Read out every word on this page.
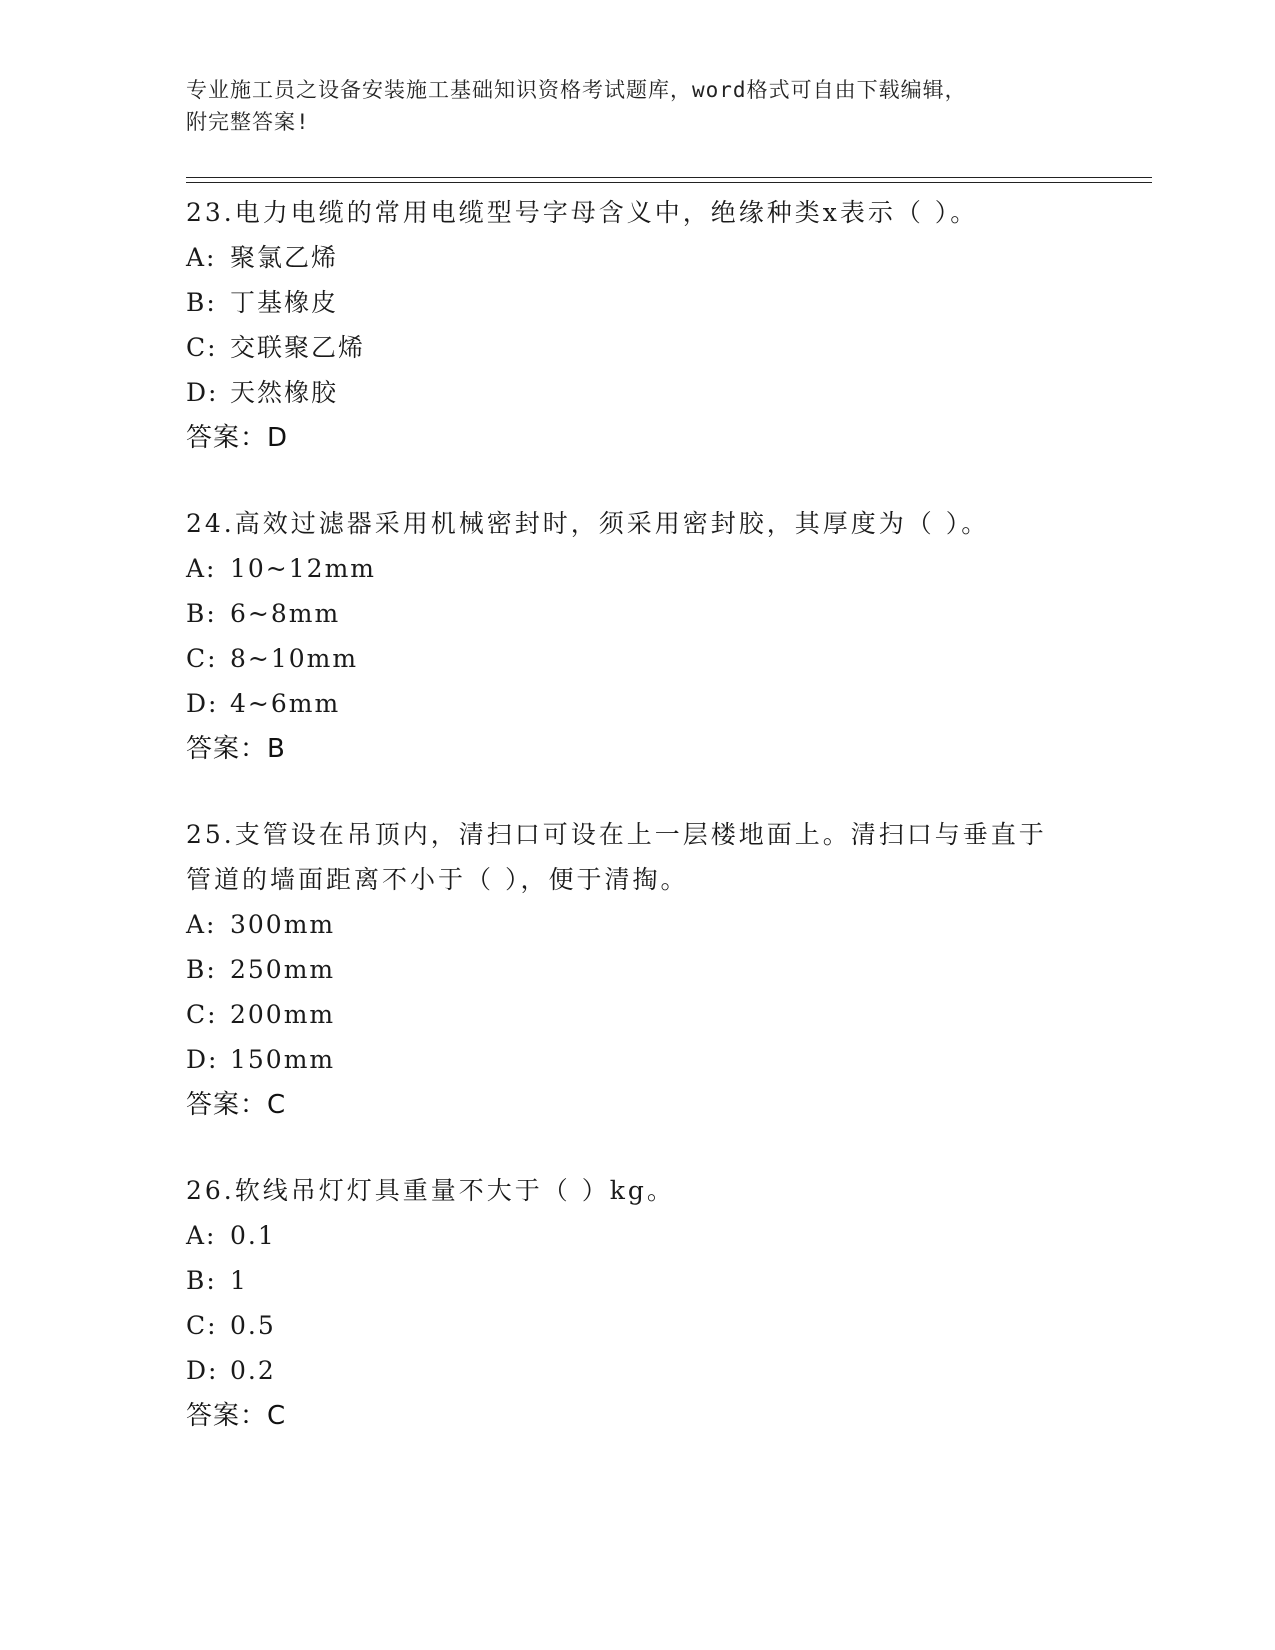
专业施工员之设备安装施工基础知识资格考试题库，word格式可自由下载编辑，
附完整答案!
23.电力电缆的常用电缆型号字母含义中，绝缘种类x表示（ ）。
A: 聚氯乙烯
B: 丁基橡皮
C: 交联聚乙烯
D: 天然橡胶
答案：D
24.高效过滤器采用机械密封时，须采用密封胶，其厚度为（ ）。
A: 10~12mm
B: 6~8mm
C: 8~10mm
D: 4~6mm
答案：B
25.支管设在吊顶内，清扫口可设在上一层楼地面上。清扫口与垂直于
管道的墙面距离不小于（ ），便于清掏。
A: 300mm
B: 250mm
C: 200mm
D: 150mm
答案：C
26.软线吊灯灯具重量不大于（ ）kg。
A: 0.1
B: 1
C: 0.5
D: 0.2
答案：C
